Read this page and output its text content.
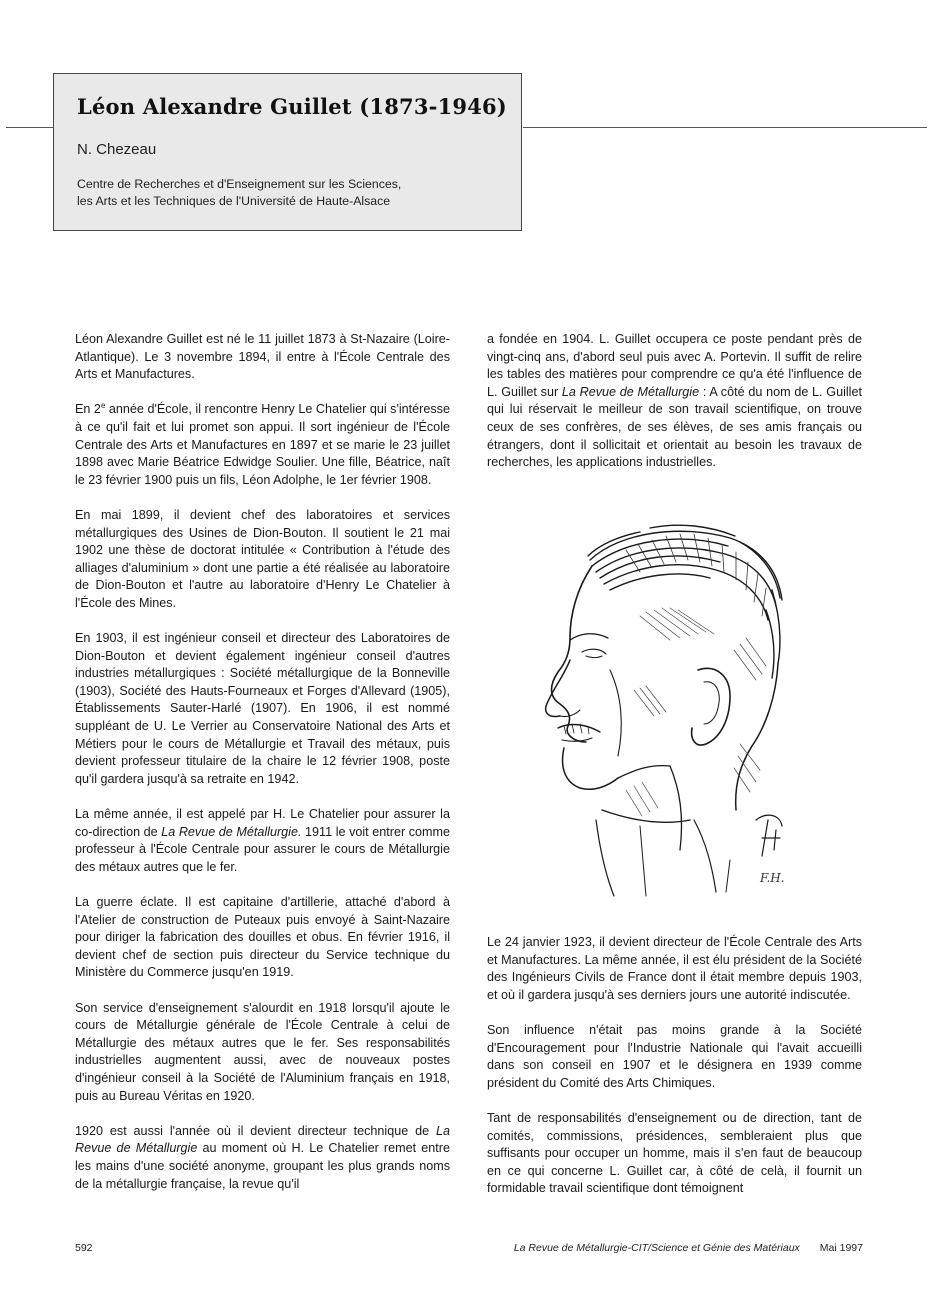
Léon Alexandre Guillet (1873-1946)
N. Chezeau
Centre de Recherches et d'Enseignement sur les Sciences,
les Arts et les Techniques de l'Université de Haute-Alsace

Léon Alexandre Guillet est né le 11 juillet 1873 à St-Nazaire (Loire-Atlantique). Le 3 novembre 1894, il entre à l'École Centrale des Arts et Manufactures.

En 2e année d'École, il rencontre Henry Le Chatelier qui s'intéresse à ce qu'il fait et lui promet son appui. Il sort ingénieur de l'École Centrale des Arts et Manufactures en 1897 et se marie le 23 juillet 1898 avec Marie Béatrice Edwidge Soulier. Une fille, Béatrice, naît le 23 février 1900 puis un fils, Léon Adolphe, le 1er février 1908.

En mai 1899, il devient chef des laboratoires et services métallurgiques des Usines de Dion-Bouton. Il soutient le 21 mai 1902 une thèse de doctorat intitulée « Contribution à l'étude des alliages d'aluminium » dont une partie a été réalisée au laboratoire de Dion-Bouton et l'autre au laboratoire d'Henry Le Chatelier à l'École des Mines.

En 1903, il est ingénieur conseil et directeur des Laboratoires de Dion-Bouton et devient également ingénieur conseil d'autres industries métallurgiques : Société métallurgique de la Bonneville (1903), Société des Hauts-Fourneaux et Forges d'Allevard (1905), Établissements Sauter-Harlé (1907). En 1906, il est nommé suppléant de U. Le Verrier au Conservatoire National des Arts et Métiers pour le cours de Métallurgie et Travail des métaux, puis devient professeur titulaire de la chaire le 12 février 1908, poste qu'il gardera jusqu'à sa retraite en 1942.

La même année, il est appelé par H. Le Chatelier pour assurer la co-direction de La Revue de Métallurgie. 1911 le voit entrer comme professeur à l'École Centrale pour assurer le cours de Métallurgie des métaux autres que le fer.

La guerre éclate. Il est capitaine d'artillerie, attaché d'abord à l'Atelier de construction de Puteaux puis envoyé à Saint-Nazaire pour diriger la fabrication des douilles et obus. En février 1916, il devient chef de section puis directeur du Service technique du Ministère du Commerce jusqu'en 1919.

Son service d'enseignement s'alourdit en 1918 lorsqu'il ajoute le cours de Métallurgie générale de l'École Centrale à celui de Métallurgie des métaux autres que le fer. Ses responsabilités industrielles augmentent aussi, avec de nouveaux postes d'ingénieur conseil à la Société de l'Aluminium français en 1918, puis au Bureau Véritas en 1920.

1920 est aussi l'année où il devient directeur technique de La Revue de Métallurgie au moment où H. Le Chatelier remet entre les mains d'une société anonyme, groupant les plus grands noms de la métallurgie française, la revue qu'il

a fondée en 1904. L. Guillet occupera ce poste pendant près de vingt-cinq ans, d'abord seul puis avec A. Portevin. Il suffit de relire les tables des matières pour comprendre ce qu'a été l'influence de L. Guillet sur La Revue de Métallurgie : A côté du nom de L. Guillet qui lui réservait le meilleur de son travail scientifique, on trouve ceux de ses confrères, de ses élèves, de ses amis français ou étrangers, dont il sollicitait et orientait au besoin les travaux de recherches, les applications industrielles.

F.H.

Le 24 janvier 1923, il devient directeur de l'École Centrale des Arts et Manufactures. La même année, il est élu président de la Société des Ingénieurs Civils de France dont il était membre depuis 1903, et où il gardera jusqu'à ses derniers jours une autorité indiscutée.

Son influence n'était pas moins grande à la Société d'Encouragement pour l'Industrie Nationale qui l'avait accueilli dans son conseil en 1907 et le désignera en 1939 comme président du Comité des Arts Chimiques.

Tant de responsabilités d'enseignement ou de direction, tant de comités, commissions, présidences, sembleraient plus que suffisants pour occuper un homme, mais il s'en faut de beaucoup en ce qui concerne L. Guillet car, à côté de celà, il fournit un formidable travail scientifique dont témoignent

592	La Revue de Métallurgie-CIT/Science et Génie des Matériaux Mai 1997
